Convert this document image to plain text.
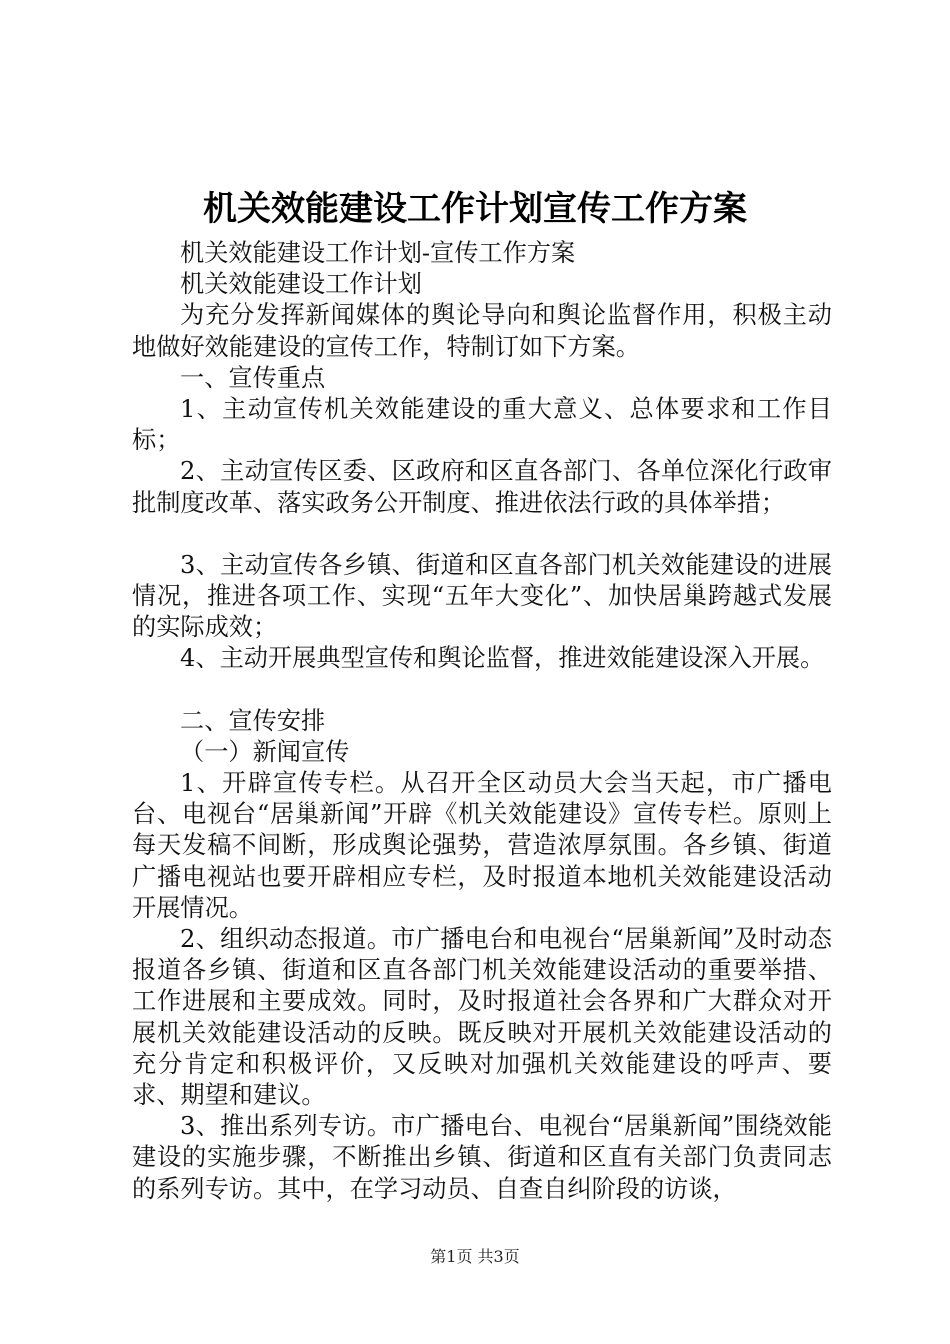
机关效能建设工作计划宣传工作方案

机关效能建设工作计划-宣传工作方案

机关效能建设工作计划

为充分发挥新闻媒体的舆论导向和舆论监督作用，积极主动地做好效能建设的宣传工作，特制订如下方案。

一、宣传重点

1、主动宣传机关效能建设的重大意义、总体要求和工作目标；

2、主动宣传区委、区政府和区直各部门、各单位深化行政审批制度改革、落实政务公开制度、推进依法行政的具体举措；

3、主动宣传各乡镇、街道和区直各部门机关效能建设的进展情况，推进各项工作、实现“五年大变化”、加快居巢跨越式发展的实际成效；

4、主动开展典型宣传和舆论监督，推进效能建设深入开展。

二、宣传安排

（一）新闻宣传

1、开辟宣传专栏。从召开全区动员大会当天起，市广播电台、电视台“居巢新闻”开辟《机关效能建设》宣传专栏。原则上每天发稿不间断，形成舆论强势，营造浓厚氛围。各乡镇、街道广播电视站也要开辟相应专栏，及时报道本地机关效能建设活动开展情况。

2、组织动态报道。市广播电台和电视台“居巢新闻”及时动态报道各乡镇、街道和区直各部门机关效能建设活动的重要举措、工作进展和主要成效。同时，及时报道社会各界和广大群众对开展机关效能建设活动的反映。既反映对开展机关效能建设活动的充分肯定和积极评价，又反映对加强机关效能建设的呼声、要求、期望和建议。

3、推出系列专访。市广播电台、电视台“居巢新闻”围绕效能建设的实施步骤，不断推出乡镇、街道和区直有关部门负责同志的系列专访。其中，在学习动员、自查自纠阶段的访谈，

第1页 共3页
